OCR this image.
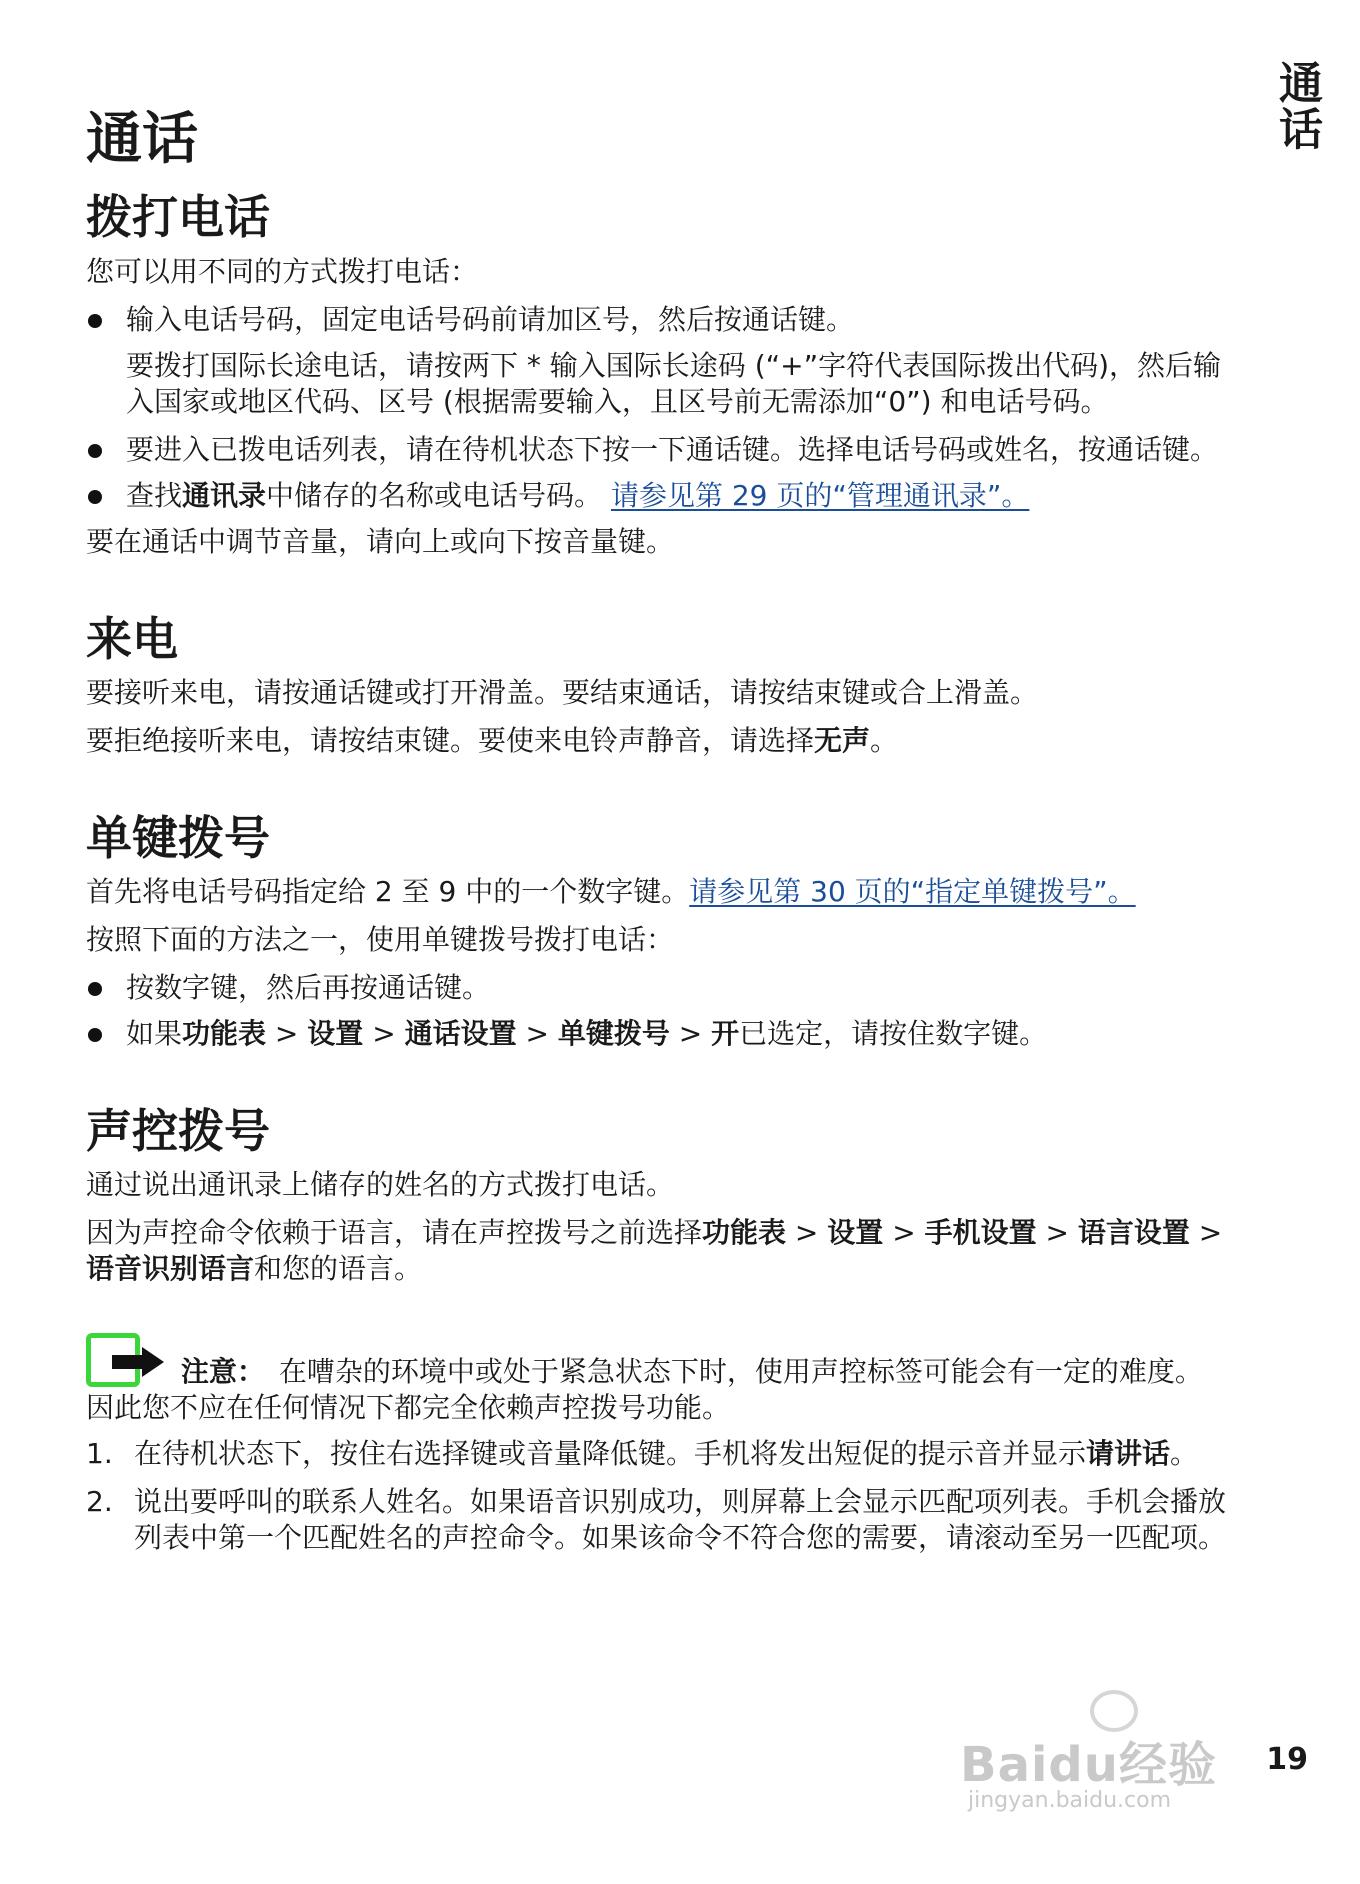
通话
通话
拨打电话

您可以用不同的方式拨打电话：

输入电话号码，固定电话号码前请加区号，然后按通话键。

要拨打国际长途电话，请按两下 * 输入国际长途码 (“+”字符代表国际拨出代码)，然后输入国家或地区代码、区号 (根据需要输入，且区号前无需添加“0”) 和电话号码。

要进入已拨电话列表，请在待机状态下按一下通话键。选择电话号码或姓名，按通话键。
查找通讯录中储存的名称或电话号码。 请参见第 29 页的“管理通讯录”。

要在通话中调节音量，请向上或向下按音量键。

来电

要接听来电，请按通话键或打开滑盖。要结束通话，请按结束键或合上滑盖。

要拒绝接听来电，请按结束键。要使来电铃声静音，请选择无声。

单键拨号

首先将电话号码指定给 2 至 9 中的一个数字键。请参见第 30 页的“指定单键拨号”。

按照下面的方法之一，使用单键拨号拨打电话：

按数字键，然后再按通话键。
如果功能表 > 设置 > 通话设置 > 单键拨号 > 开已选定，请按住数字键。
声控拨号

通过说出通讯录上储存的姓名的方式拨打电话。

因为声控命令依赖于语言，请在声控拨号之前选择功能表 > 设置 > 手机设置 > 语言设置 > 语音识别语言和您的语言。

注意：　在嘈杂的环境中或处于紧急状态下时，使用声控标签可能会有一定的难度。因此您不应在任何情况下都完全依赖声控拨号功能。
1. 在待机状态下，按住右选择键或音量降低键。手机将发出短促的提示音并显示请讲话。
2. 说出要呼叫的联系人姓名。如果语音识别成功，则屏幕上会显示匹配项列表。手机会播放列表中第一个匹配姓名的声控命令。如果该命令不符合您的需要，请滚动至另一匹配项。
Baidu经验
jingyan.baidu.com
19
